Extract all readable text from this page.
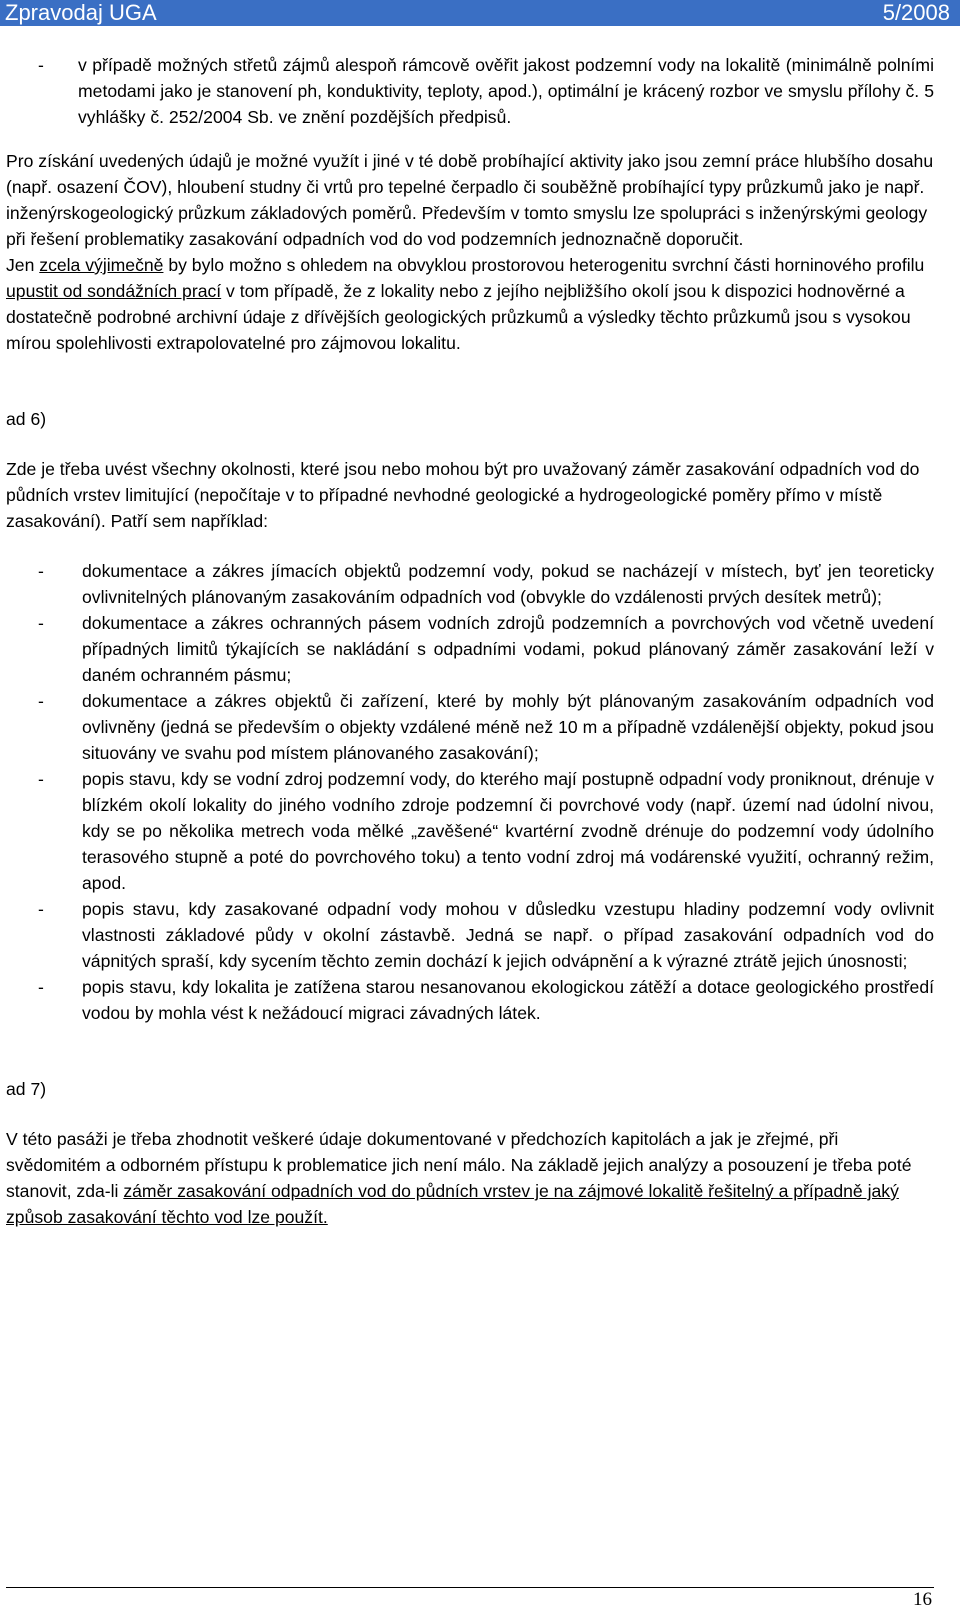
Zpravodaj UGA	5/2008
- v případě možných střetů zájmů alespoň rámcově ověřit jakost podzemní vody na lokalitě (minimálně polními metodami jako je stanovení ph, konduktivity, teploty, apod.), optimální je krácený rozbor ve smyslu přílohy č. 5 vyhlášky č. 252/2004 Sb. ve znění pozdějších předpisů.

Pro získání uvedených údajů je možné využít i jiné v té době probíhající aktivity jako jsou zemní práce hlubšího dosahu (např. osazení ČOV), hloubení studny či vrtů pro tepelné čerpadlo či souběžně probíhající typy průzkumů jako je např. inženýrskogeologický průzkum základových poměrů. Především v tomto smyslu lze spolupráci s inženýrskými geology při řešení problematiky zasakování odpadních vod do vod podzemních jednoznačně doporučit.

Jen zcela výjimečně by bylo možno s ohledem na obvyklou prostorovou heterogenitu svrchní části horninového profilu upustit od sondážních prací v tom případě, že z lokality nebo z jejího nejbližšího okolí jsou k dispozici hodnověrné a dostatečně podrobné archivní údaje z dřívějších geologických průzkumů a výsledky těchto průzkumů jsou s vysokou mírou spolehlivosti extrapolovatelné pro zájmovou lokalitu.

ad 6)

Zde je třeba uvést všechny okolnosti, které jsou nebo mohou být pro uvažovaný záměr zasakování odpadních vod do půdních vrstev limitující (nepočítaje v to případné nevhodné geologické a hydrogeologické poměry přímo v místě zasakování). Patří sem například:

- dokumentace a zákres jímacích objektů podzemní vody, pokud se nacházejí v místech, byť jen teoreticky ovlivnitelných plánovaným zasakováním odpadních vod (obvykle do vzdálenosti prvých desítek metrů);
- dokumentace a zákres ochranných pásem vodních zdrojů podzemních a povrchových vod včetně uvedení případných limitů týkajících se nakládání s odpadními vodami, pokud plánovaný záměr zasakování leží v daném ochranném pásmu;
- dokumentace a zákres objektů či zařízení, které by mohly být plánovaným zasakováním odpadních vod ovlivněny (jedná se především o objekty vzdálené méně než 10 m a případně vzdálenější objekty, pokud jsou situovány ve svahu pod místem plánovaného zasakování);
- popis stavu, kdy se vodní zdroj podzemní vody, do kterého mají postupně odpadní vody proniknout, drénuje v blízkém okolí lokality do jiného vodního zdroje podzemní či povrchové vody (např. území nad údolní nivou, kdy se po několika metrech voda mělké „zavěšené“ kvartérní zvodně drénuje do podzemní vody údolního terasového stupně a poté do povrchového toku) a tento vodní zdroj má vodárenské využití, ochranný režim, apod.
- popis stavu, kdy zasakované odpadní vody mohou v důsledku vzestupu hladiny podzemní vody ovlivnit vlastnosti základové půdy v okolní zástavbě. Jedná se např. o případ zasakování odpadních vod do vápnitých spraší, kdy sycením těchto zemin dochází k jejich odvápnění a k výrazné ztrátě jejich únosnosti;
- popis stavu, kdy lokalita je zatížena starou nesanovanou ekologickou zátěží a dotace geologického prostředí vodou by mohla vést k nežádoucí migraci závadných látek.

ad 7)

V této pasáži je třeba zhodnotit veškeré údaje dokumentované v předchozích kapitolách a jak je zřejmé, při svědomitém a odborném přístupu k problematice jich není málo. Na základě jejich analýzy a posouzení je třeba poté stanovit, zda-li záměr zasakování odpadních vod do půdních vrstev je na zájmové lokalitě řešitelný a případně jaký způsob zasakování těchto vod lze použít.

16
